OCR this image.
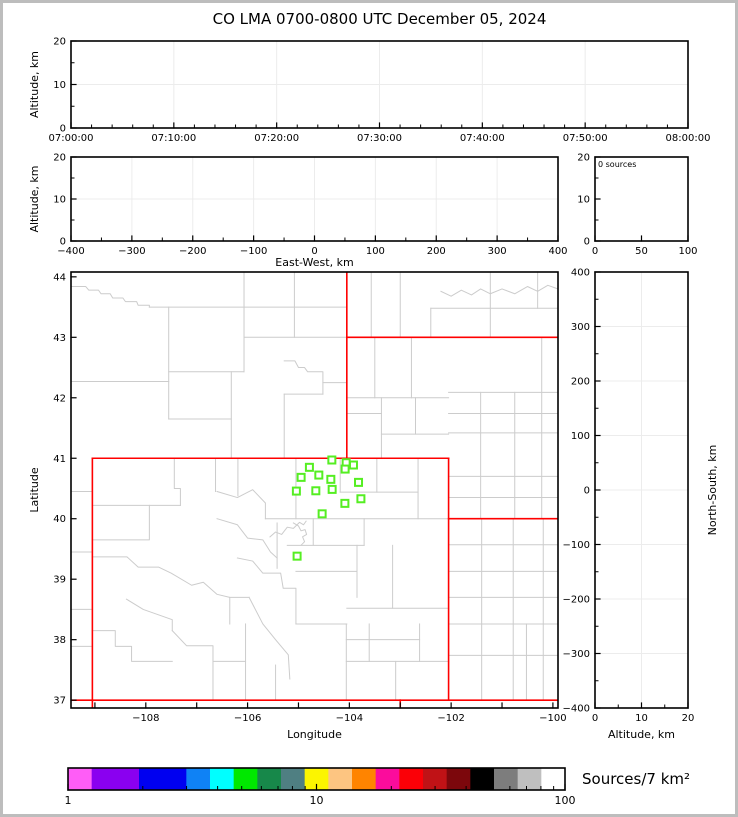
CO LMA 0700-0800 UTC December 05, 2024
07:00:00	07:10:00	07:20:00	07:30:00	07:40:00	07:50:00	08:00:00
0
10
20
Altitude, km
−400	−300	−200	−100	0	100	200	300	400
0
10
20
East-West, km
Altitude, km
0	50	100
0
10
20
0 sources
−108	−106	−104	−102	−100
37
38
39
40
41
42
43
44
Longitude
Latitude
0	10	20
400
300
200
100
0
−100
−200
−300
−400
Altitude, km
North-South, km
1	10	100
Sources/7 km²
